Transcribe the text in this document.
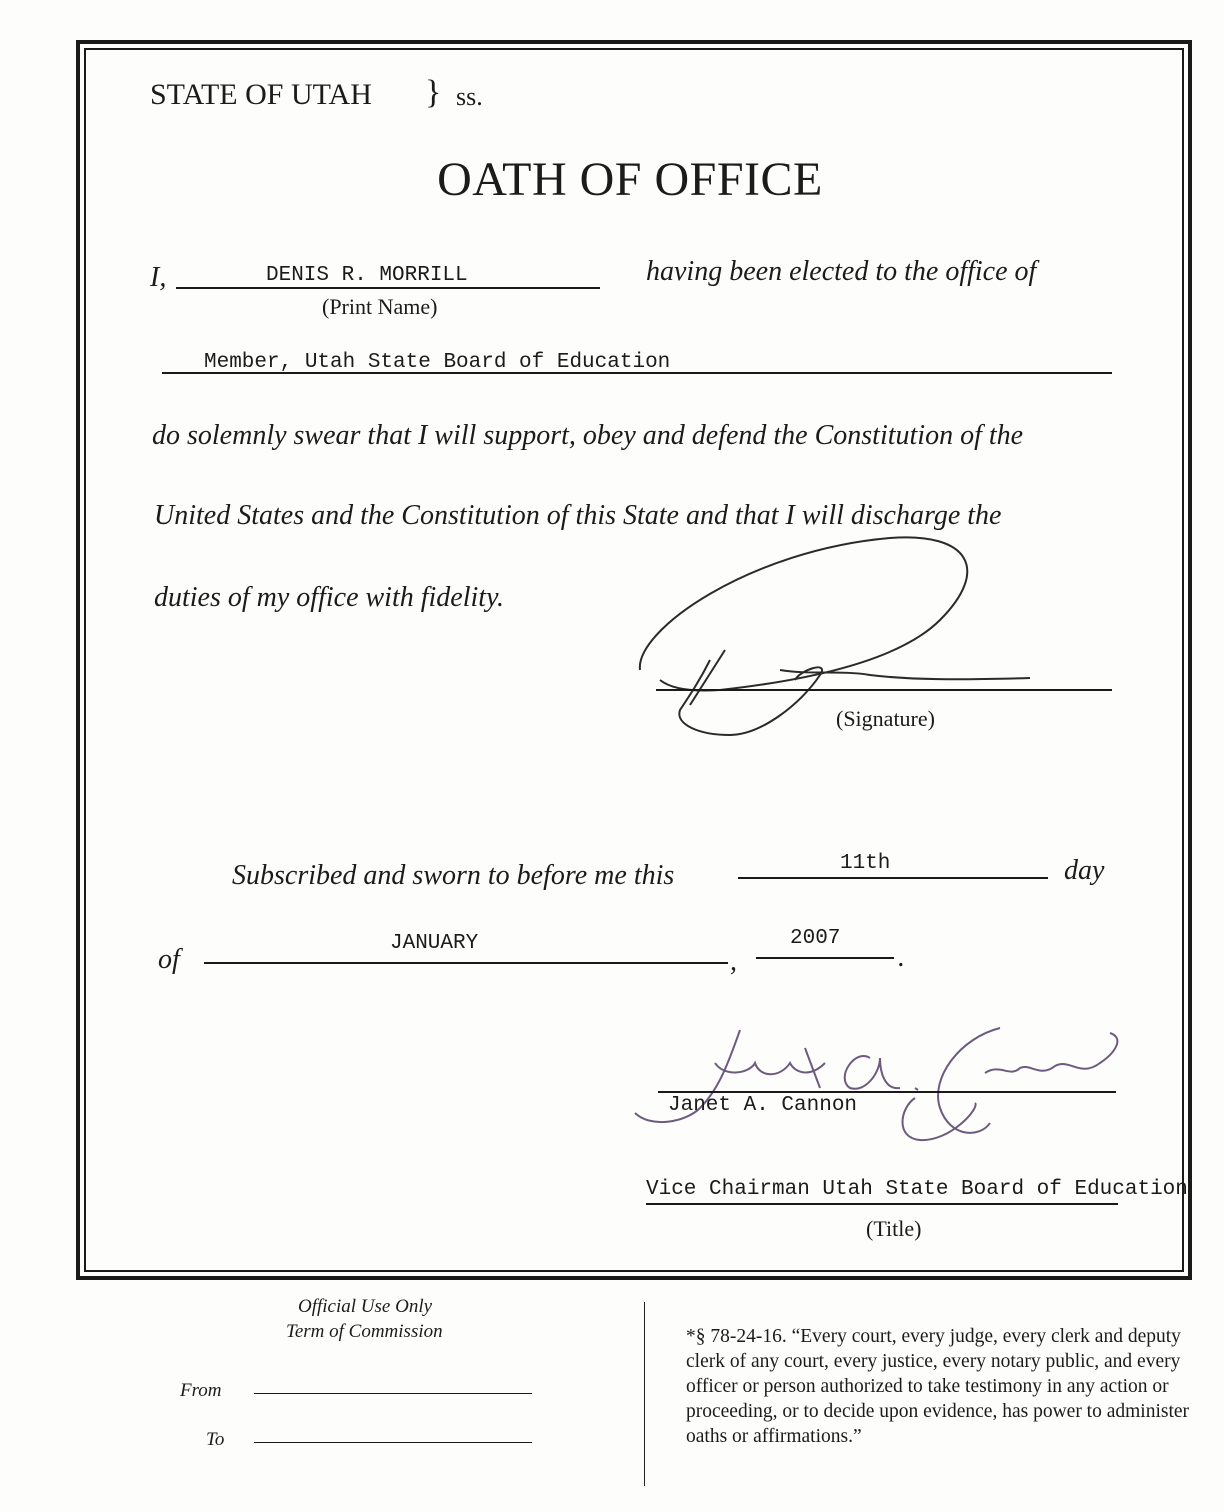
STATE OF UTAH } ss.
OATH OF OFFICE
I,	DENIS R. MORRILL
(Print Name)
having been elected to the office of
Member, Utah State Board of Education
do solemnly swear that I will support, obey and defend the Constitution of the
United States and the Constitution of this State and that I will discharge the
duties of my office with fidelity.
(Signature)
Subscribed and sworn to before me this	11th	day
of
JANUARY
,
2007
.
Janet A. Cannon
Vice Chairman Utah State Board of Education
(Title)
Official Use Only
Term of Commission
From
To
*§ 78-24-16. “Every court, every judge, every clerk and deputy clerk of any court, every justice, every notary public, and every officer or person authorized to take testimony in any action or proceeding, or to decide upon evidence, has power to administer oaths or affirmations.”
